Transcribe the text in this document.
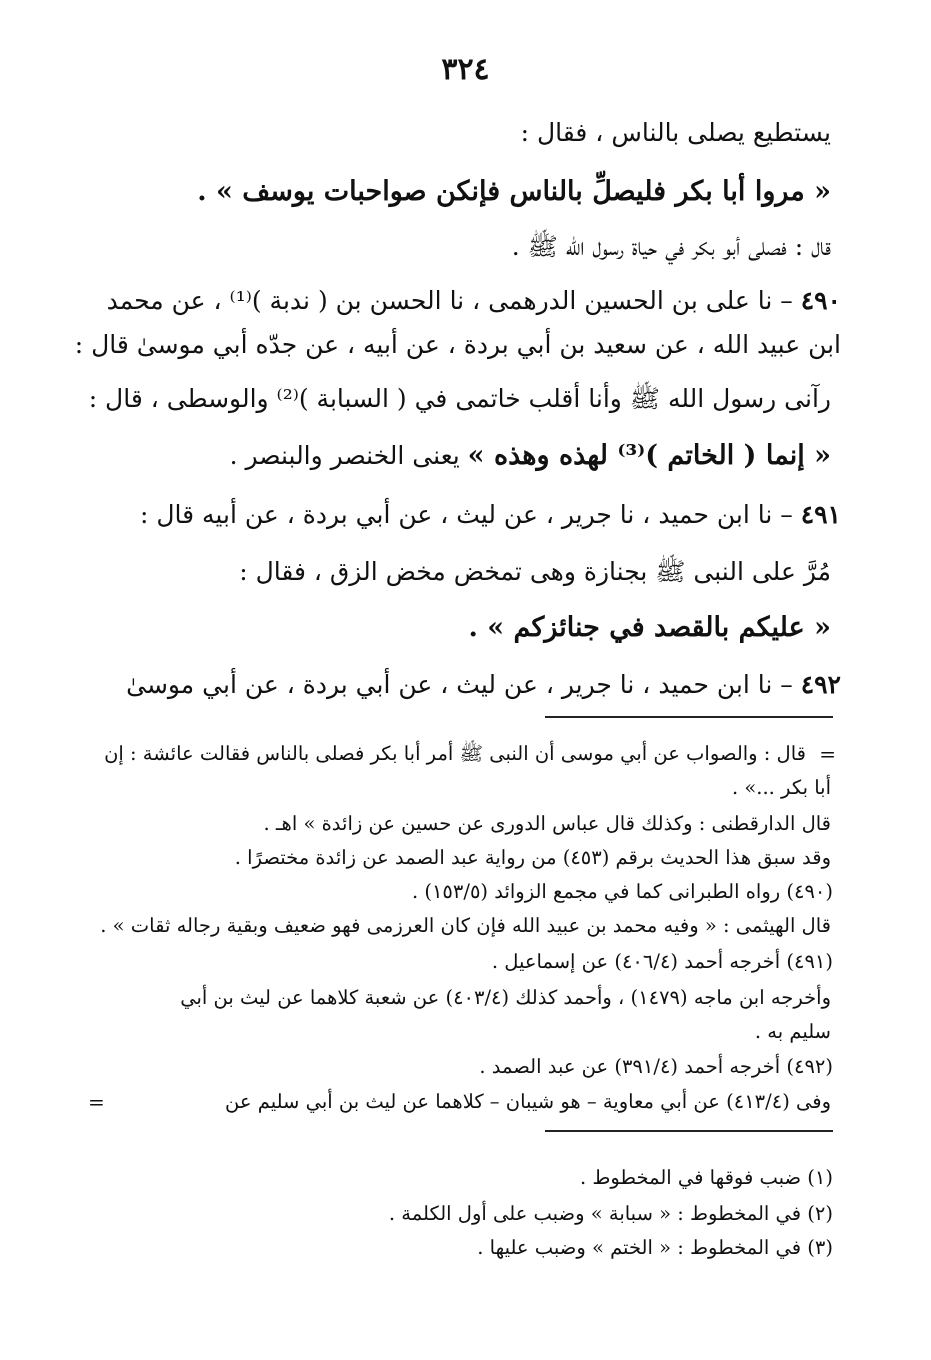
٣٢٤
يستطيع يصلى بالناس ، فقال :
« مروا أبا بكر فليصلِّ بالناس فإنكن صواحبات يوسف » .
قال : فصلى أبو بكر في حياة رسول الله ﷺ .
٤٩٠ – نا على بن الحسين الدرهمى ، نا الحسن بن ( ندبة )⁽¹⁾ ، عن محمد
ابن عبيد الله ، عن سعيد بن أبي بردة ، عن أبيه ، عن جدّه أبي موسىٰ قال :
رآنى رسول الله ﷺ وأنا أقلب خاتمى في ( السبابة )⁽²⁾ والوسطى ، قال :
« إنما ( الخاتم )⁽³⁾ لهذه وهذه » يعنى الخنصر والبنصر .
٤٩١ – نا ابن حميد ، نا جرير ، عن ليث ، عن أبي بردة ، عن أبيه قال :
مُرَّ على النبى ﷺ بجنازة وهى تمخض مخض الزق ، فقال :
« عليكم بالقصد في جنائزكم » .
٤٩٢ – نا ابن حميد ، نا جرير ، عن ليث ، عن أبي بردة ، عن أبي موسىٰ
=
قال : والصواب عن أبي موسى أن النبى ﷺ أمر أبا بكر فصلى بالناس فقالت عائشة : إن
أبا بكر ...» .
قال الدارقطنى : وكذلك قال عباس الدورى عن حسين عن زائدة » اهـ .
وقد سبق هذا الحديث برقم (٤٥٣) من رواية عبد الصمد عن زائدة مختصرًا .
(٤٩٠) رواه الطبرانى كما في مجمع الزوائد (١٥٣/٥) .
قال الهيثمى : « وفيه محمد بن عبيد الله فإن كان العرزمى فهو ضعيف وبقية رجاله ثقات » .
(٤٩١) أخرجه أحمد (٤٠٦/٤) عن إسماعيل .
وأخرجه ابن ماجه (١٤٧٩) ، وأحمد كذلك (٤٠٣/٤) عن شعبة كلاهما عن ليث بن أبي
سليم به .
(٤٩٢) أخرجه أحمد (٣٩١/٤) عن عبد الصمد .
وفى (٤١٣/٤) عن أبي معاوية – هو شيبان – كلاهما عن ليث بن أبي سليم عن
=
(١) ضبب فوقها في المخطوط .
(٢) في المخطوط : « سبابة » وضبب على أول الكلمة .
(٣) في المخطوط : « الختم » وضبب عليها .
